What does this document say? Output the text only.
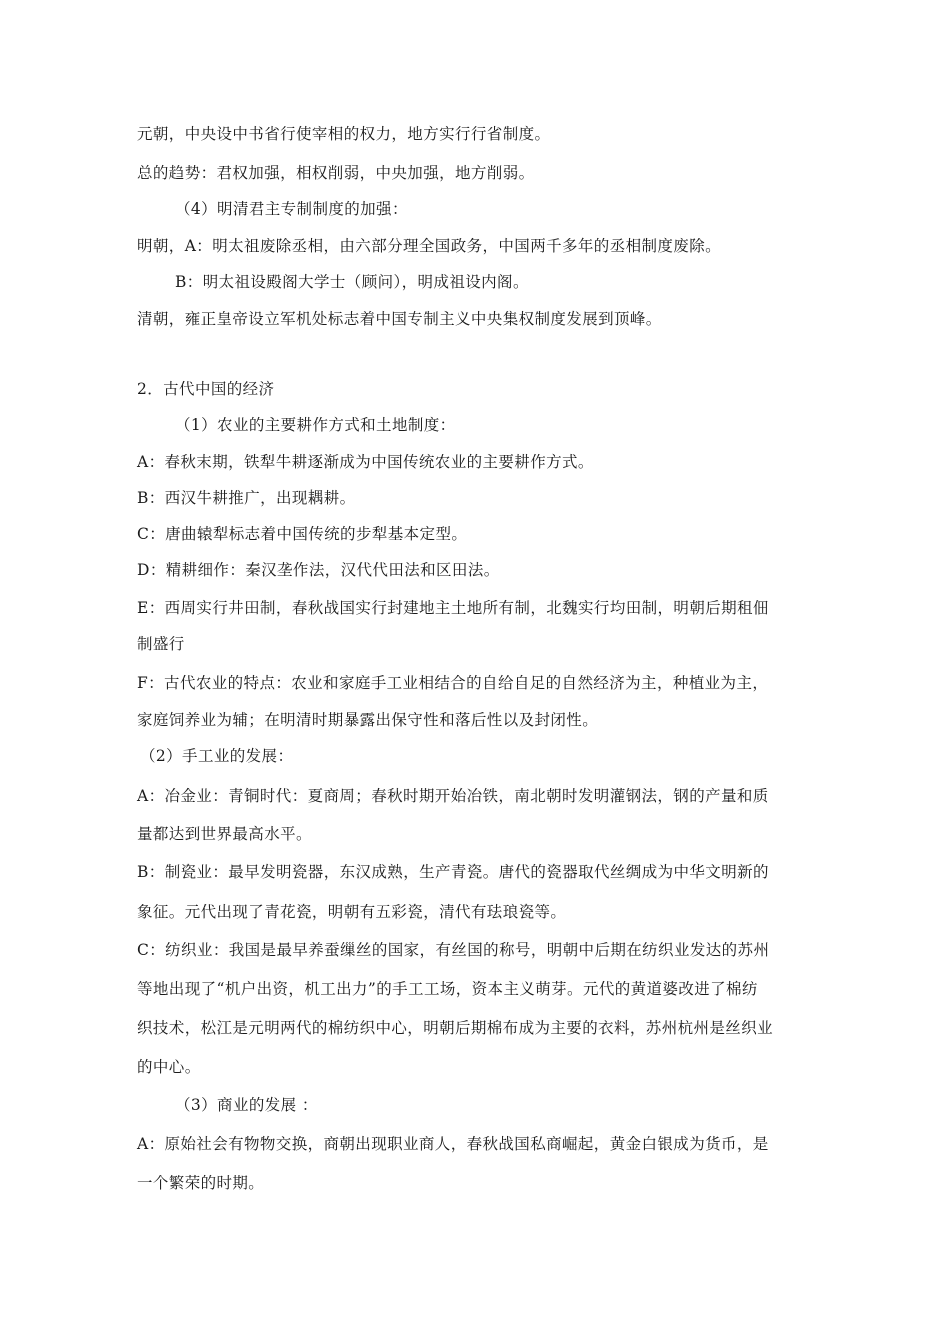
元朝，中央设中书省行使宰相的权力，地方实行行省制度。
总的趋势：君权加强，相权削弱，中央加强，地方削弱。
（4）明清君主专制制度的加强：
明朝，A：明太祖废除丞相，由六部分理全国政务，中国两千多年的丞相制度废除。
B：明太祖设殿阁大学士（顾问），明成祖设内阁。
清朝，雍正皇帝设立军机处标志着中国专制主义中央集权制度发展到顶峰。
2．古代中国的经济
（1）农业的主要耕作方式和土地制度：
A：春秋末期，铁犁牛耕逐渐成为中国传统农业的主要耕作方式。
B：西汉牛耕推广，出现耦耕。
C：唐曲辕犁标志着中国传统的步犁基本定型。
D：精耕细作：秦汉垄作法，汉代代田法和区田法。
E：西周实行井田制，春秋战国实行封建地主土地所有制，北魏实行均田制，明朝后期租佃
制盛行
F：古代农业的特点：农业和家庭手工业相结合的自给自足的自然经济为主，种植业为主，
家庭饲养业为辅；在明清时期暴露出保守性和落后性以及封闭性。
（2）手工业的发展：
A：冶金业：青铜时代：夏商周；春秋时期开始冶铁，南北朝时发明灌钢法，钢的产量和质
量都达到世界最高水平。
B：制瓷业：最早发明瓷器，东汉成熟，生产青瓷。唐代的瓷器取代丝绸成为中华文明新的
象征。元代出现了青花瓷，明朝有五彩瓷，清代有珐琅瓷等。
C：纺织业：我国是最早养蚕缫丝的国家，有丝国的称号，明朝中后期在纺织业发达的苏州
等地出现了“机户出资，机工出力”的手工工场，资本主义萌芽。元代的黄道婆改进了棉纺
织技术，松江是元明两代的棉纺织中心，明朝后期棉布成为主要的衣料，苏州杭州是丝织业
的中心。
（3）商业的发展 ：
A：原始社会有物物交换，商朝出现职业商人，春秋战国私商崛起，黄金白银成为货币，是
一个繁荣的时期。
